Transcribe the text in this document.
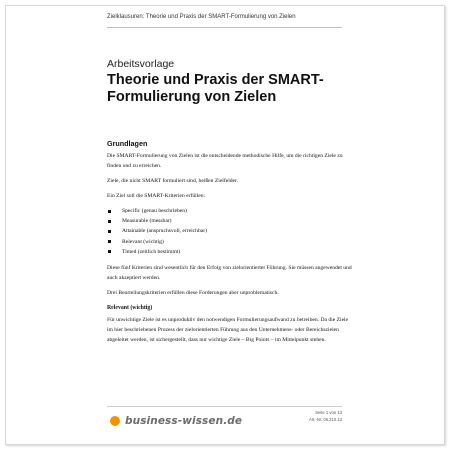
Zielklausuren: Theorie und Praxis der SMART-Formulierung von Zielen
Arbeitsvorlage
Theorie und Praxis der SMART-Formulierung von Zielen
Grundlagen

Die SMART-Formulierung von Zielen ist die entscheidende methodische Hilfe, um die richtigen Ziele zu finden und zu erreichen.

Ziele, die nicht SMART formuliert sind, heißen Zielfelder.

Ein Ziel soll die SMART-Kriterien erfüllen:

Specific (genau beschrieben)
Measurable (messbar)
Attainable (anspruchsvoll, erreichbar)
Relevant (wichtig)
Timed (zeitlich bestimmt)

Diese fünf Kriterien sind wesentlich für den Erfolg von zielorientierter Führung. Sie müssen angewendet und auch akzeptiert werden.

Drei Beurteilungskriterien erfüllen diese Forderungen aber unproblematisch.

Relevant (wichtig)

Für unwichtige Ziele ist es unproduktiv den notwendigen Formulierungsaufwand zu betreiben. Da die Ziele im hier beschriebenen Prozess der zielorientierten Führung aus den Unternehmens- oder Bereichszielen abgeleitet werden, ist sichergestellt, dass nur wichtige Ziele – Big Points – im Mittelpunkt stehen.

business-wissen.de
Seite 1 von 13
Art.-Nr. 06.210.13
